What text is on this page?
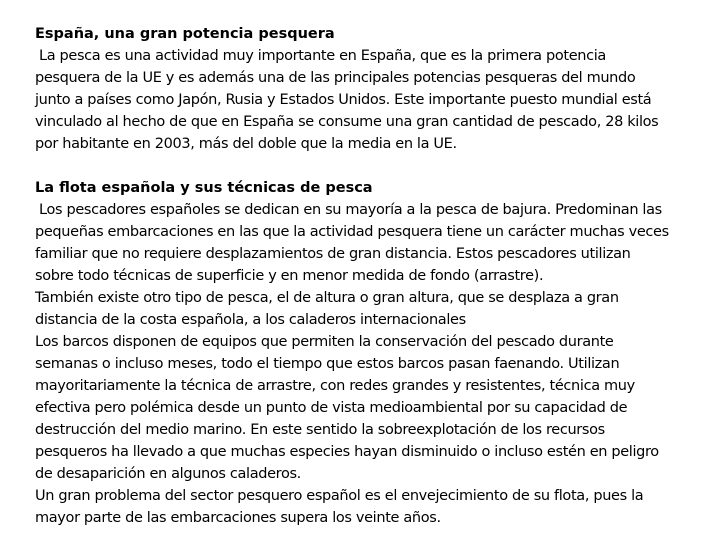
España, una gran potencia pesquera

La pesca es una actividad muy importante en España, que es la primera potencia

pesquera de la UE y es además una de las principales potencias pesqueras del mundo

junto a países como Japón, Rusia y Estados Unidos. Este importante puesto mundial está

vinculado al hecho de que en España se consume una gran cantidad de pescado, 28 kilos

por habitante en 2003, más del doble que la media en la UE.

La flota española y sus técnicas de pesca

Los pescadores españoles se dedican en su mayoría a la pesca de bajura. Predominan las

pequeñas embarcaciones en las que la actividad pesquera tiene un carácter muchas veces

familiar que no requiere desplazamientos de gran distancia. Estos pescadores utilizan

sobre todo técnicas de superficie y en menor medida de fondo (arrastre).

También existe otro tipo de pesca, el de altura o gran altura, que se desplaza a gran

distancia de la costa española, a los caladeros internacionales

Los barcos disponen de equipos que permiten la conservación del pescado durante

semanas o incluso meses, todo el tiempo que estos barcos pasan faenando. Utilizan

mayoritariamente la técnica de arrastre, con redes grandes y resistentes, técnica muy

efectiva pero polémica desde un punto de vista medioambiental por su capacidad de

destrucción del medio marino. En este sentido la sobreexplotación de los recursos

pesqueros ha llevado a que muchas especies hayan disminuido o incluso estén en peligro

de desaparición en algunos caladeros.

Un gran problema del sector pesquero español es el envejecimiento de su flota, pues la

mayor parte de las embarcaciones supera los veinte años.
